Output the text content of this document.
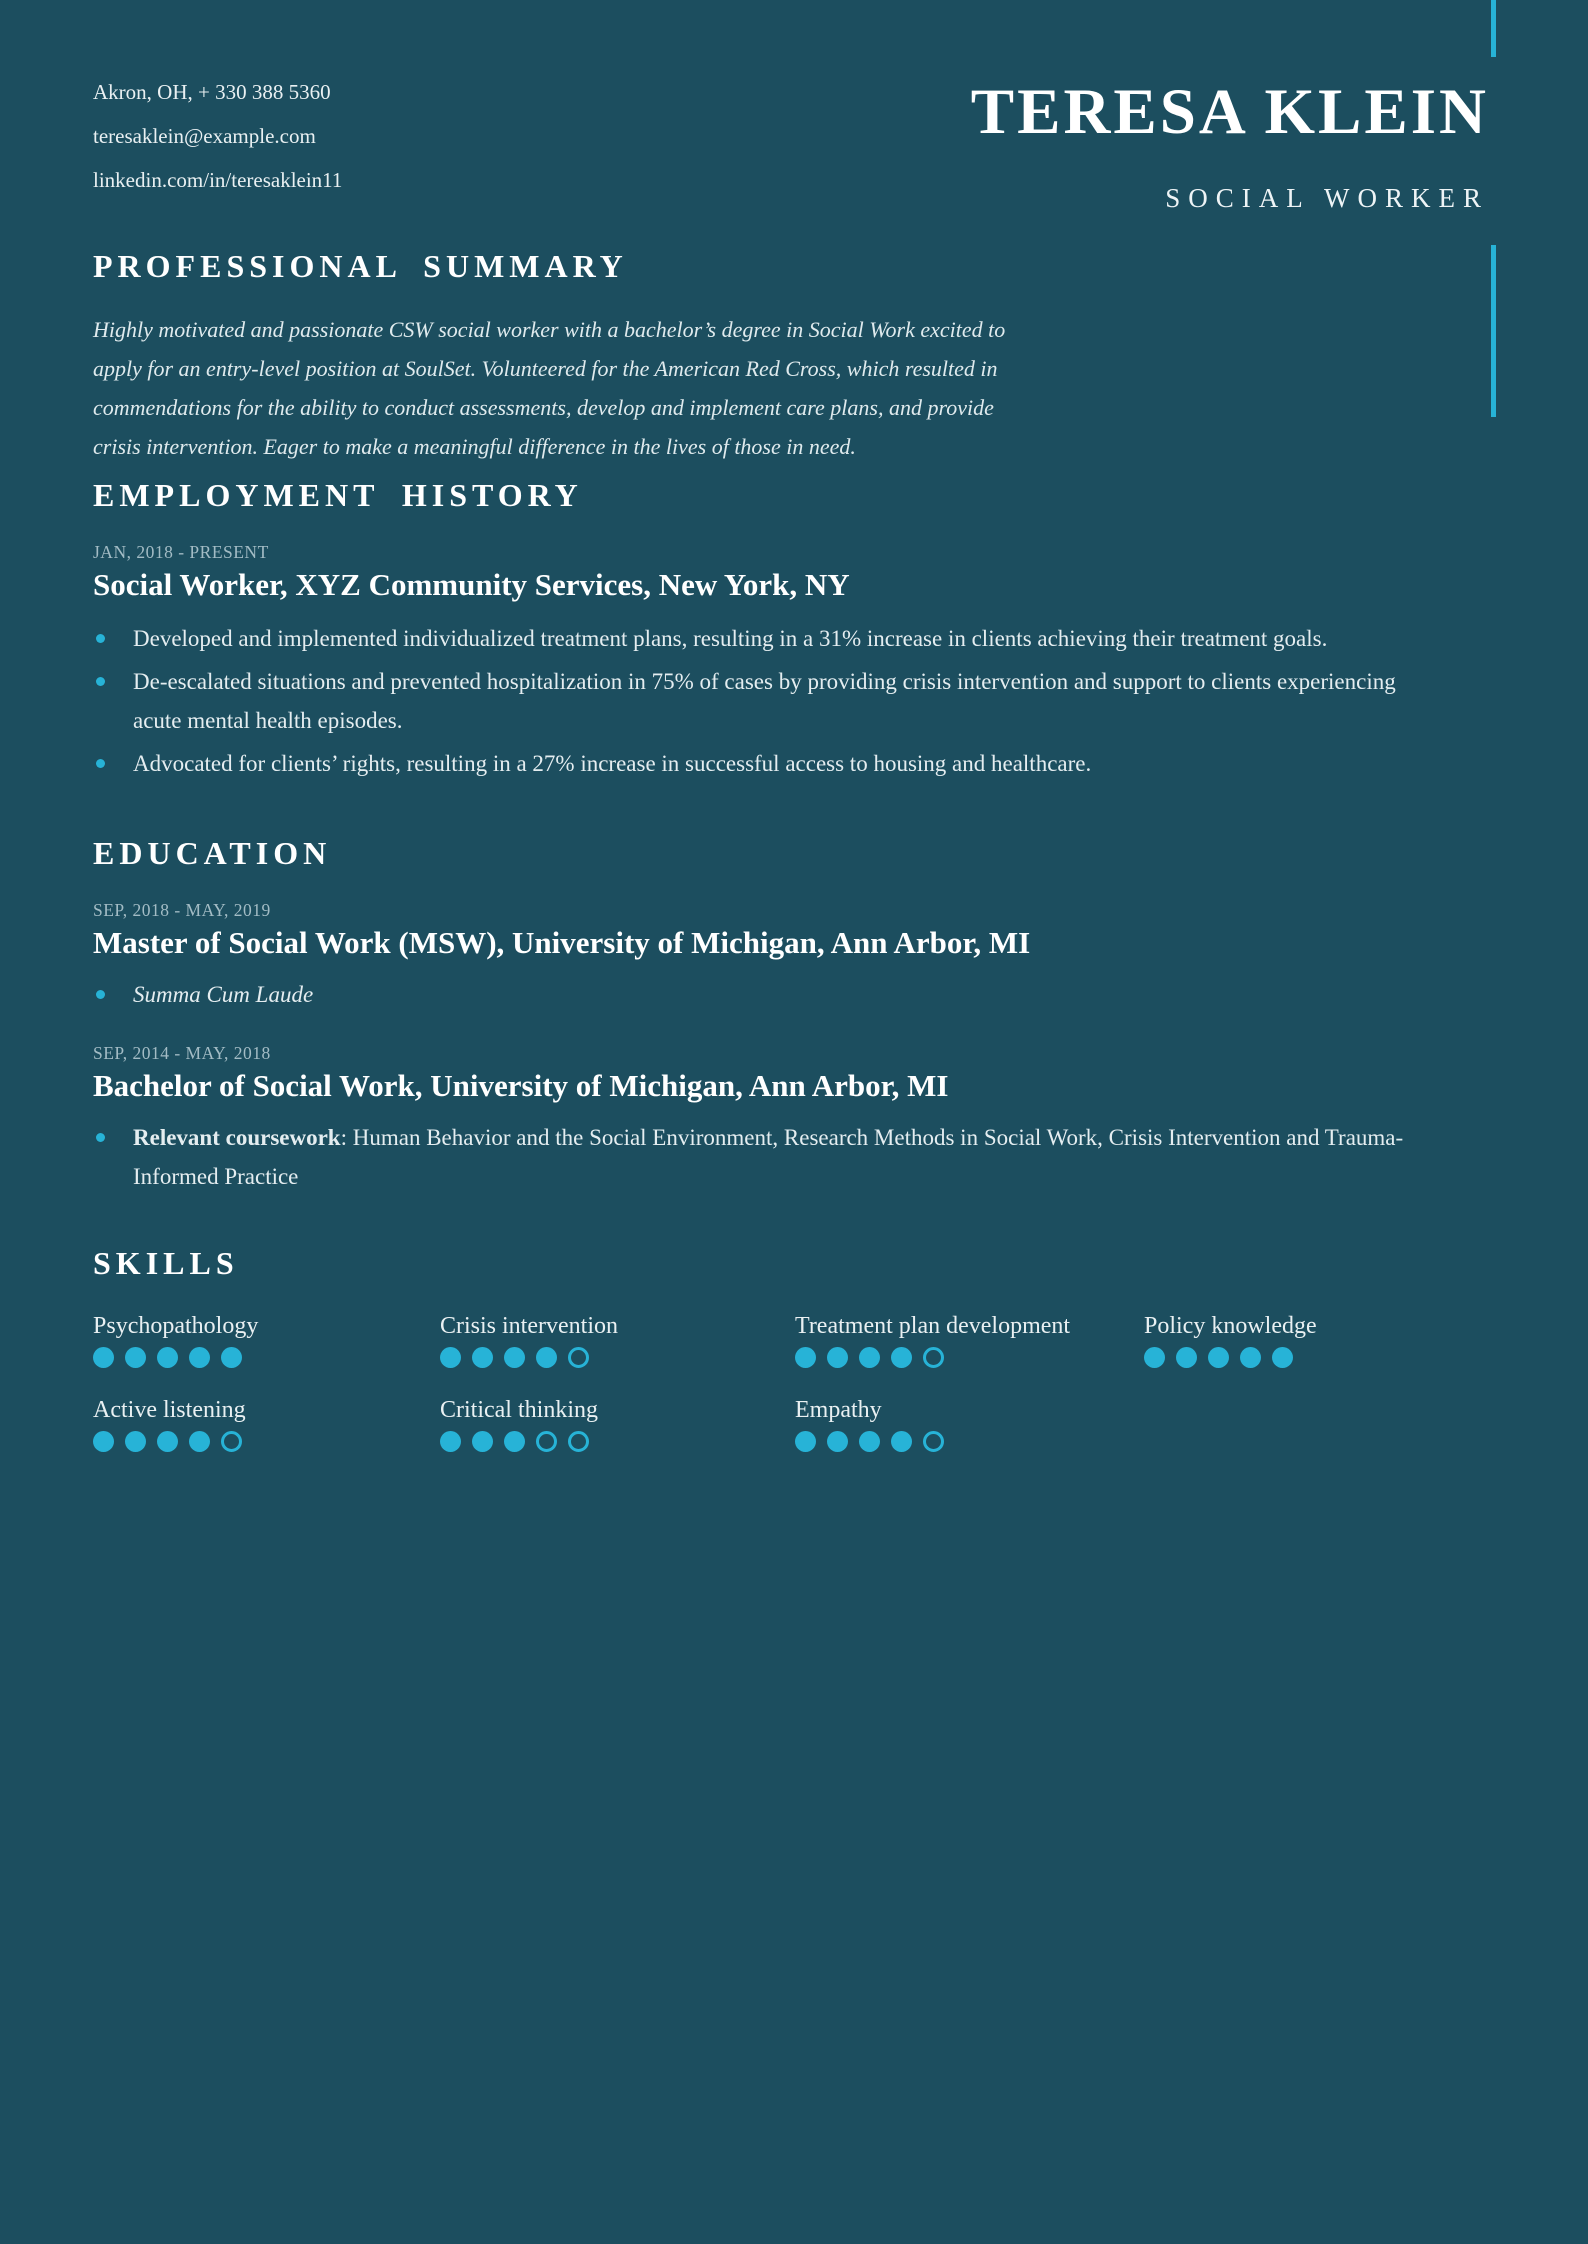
Akron, OH, + 330 388 5360
teresaklein@example.com
linkedin.com/in/teresaklein11
TERESA KLEIN
SOCIAL WORKER
PROFESSIONAL SUMMARY

Highly motivated and passionate CSW social worker with a bachelor’s degree in Social Work excited to apply for an entry-level position at SoulSet. Volunteered for the American Red Cross, which resulted in commendations for the ability to conduct assessments, develop and implement care plans, and provide crisis intervention. Eager to make a meaningful difference in the lives of those in need.

EMPLOYMENT HISTORY

JAN, 2018 - PRESENT

Social Worker, XYZ Community Services, New York, NY
Developed and implemented individualized treatment plans, resulting in a 31% increase in clients achieving their treatment goals.
De-escalated situations and prevented hospitalization in 75% of cases by providing crisis intervention and support to clients experiencing acute mental health episodes.
Advocated for clients’ rights, resulting in a 27% increase in successful access to housing and healthcare.
EDUCATION

SEP, 2018 - MAY, 2019

Master of Social Work (MSW), University of Michigan, Ann Arbor, MI
Summa Cum Laude

SEP, 2014 - MAY, 2018

Bachelor of Social Work, University of Michigan, Ann Arbor, MI
Relevant coursework: Human Behavior and the Social Environment, Research Methods in Social Work, Crisis Intervention and Trauma-Informed Practice
SKILLS
Psychopathology	Crisis intervention	Treatment plan development	Policy knowledge
Active listening	Critical thinking	Empathy
